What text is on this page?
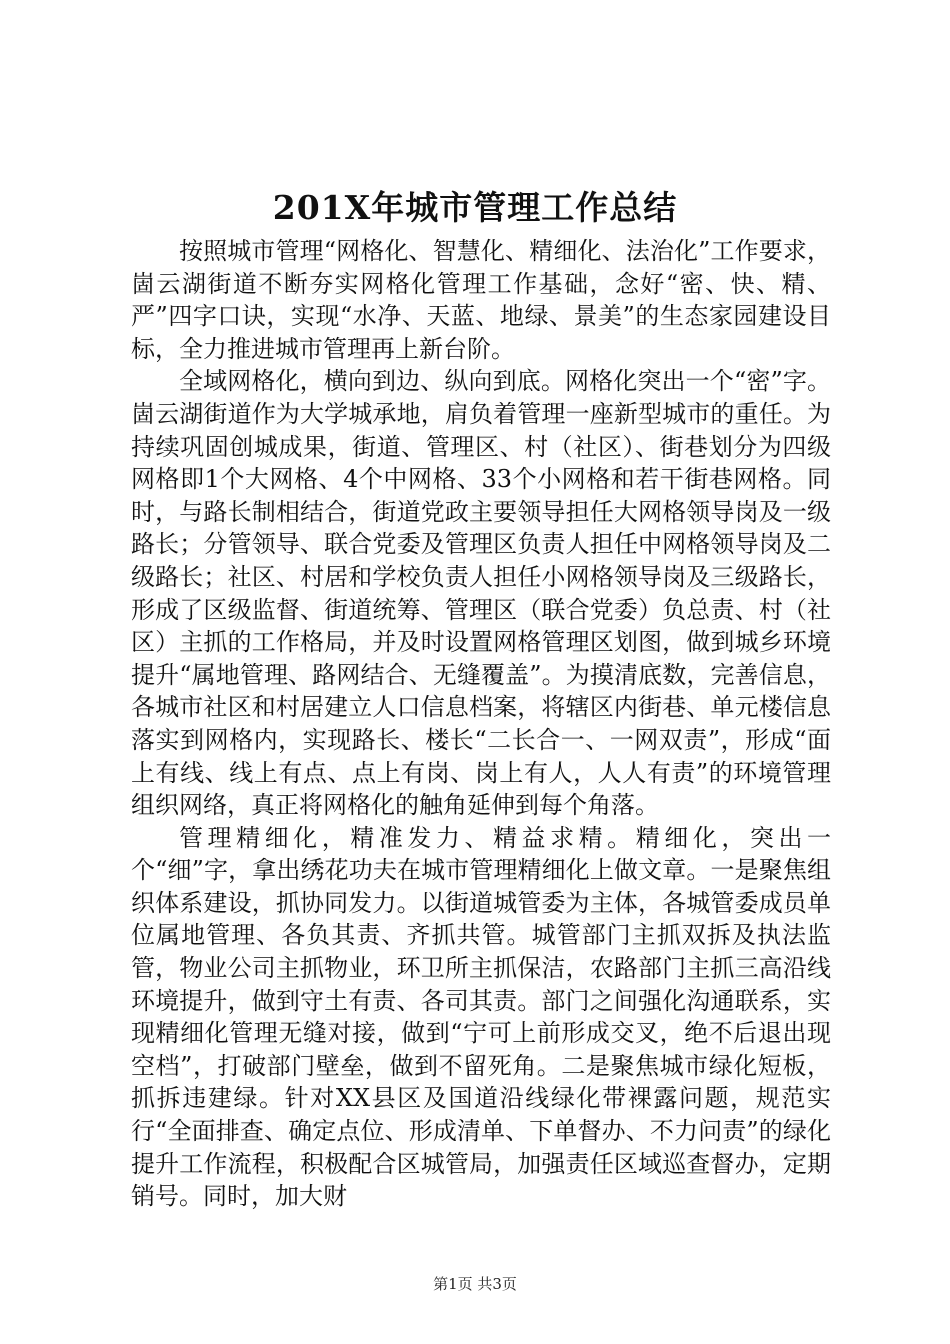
201X年城市管理工作总结

按照城市管理“网格化、智慧化、精细化、法治化”工作要求，崮云湖街道不断夯实网格化管理工作基础，念好“密、快、精、严”四字口诀，实现“水净、天蓝、地绿、景美”的生态家园建设目标，全力推进城市管理再上新台阶。

全域网格化，横向到边、纵向到底。网格化突出一个“密”字。崮云湖街道作为大学城承地，肩负着管理一座新型城市的重任。为持续巩固创城成果，街道、管理区、村（社区）、街巷划分为四级网格即1个大网格、4个中网格、33个小网格和若干街巷网格。同时，与路长制相结合，街道党政主要领导担任大网格领导岗及一级路长；分管领导、联合党委及管理区负责人担任中网格领导岗及二级路长；社区、村居和学校负责人担任小网格领导岗及三级路长，形成了区级监督、街道统筹、管理区（联合党委）负总责、村（社区）主抓的工作格局，并及时设置网格管理区划图，做到城乡环境提升“属地管理、路网结合、无缝覆盖”。为摸清底数，完善信息，各城市社区和村居建立人口信息档案，将辖区内街巷、单元楼信息落实到网格内，实现路长、楼长“二长合一、一网双责”，形成“面上有线、线上有点、点上有岗、岗上有人，人人有责”的环境管理组织网络，真正将网格化的触角延伸到每个角落。

管理精细化，精准发力、精益求精。精细化，突出一个“细”字，拿出绣花功夫在城市管理精细化上做文章。一是聚焦组织体系建设，抓协同发力。以街道城管委为主体，各城管委成员单位属地管理、各负其责、齐抓共管。城管部门主抓双拆及执法监管，物业公司主抓物业，环卫所主抓保洁，农路部门主抓三高沿线环境提升，做到守土有责、各司其责。部门之间强化沟通联系，实现精细化管理无缝对接，做到“宁可上前形成交叉，绝不后退出现空档”，打破部门壁垒，做到不留死角。二是聚焦城市绿化短板，抓拆违建绿。针对XX县区及国道沿线绿化带裸露问题，规范实行“全面排查、确定点位、形成清单、下单督办、不力问责”的绿化提升工作流程，积极配合区城管局，加强责任区域巡查督办，定期销号。同时，加大财

第1页 共3页
